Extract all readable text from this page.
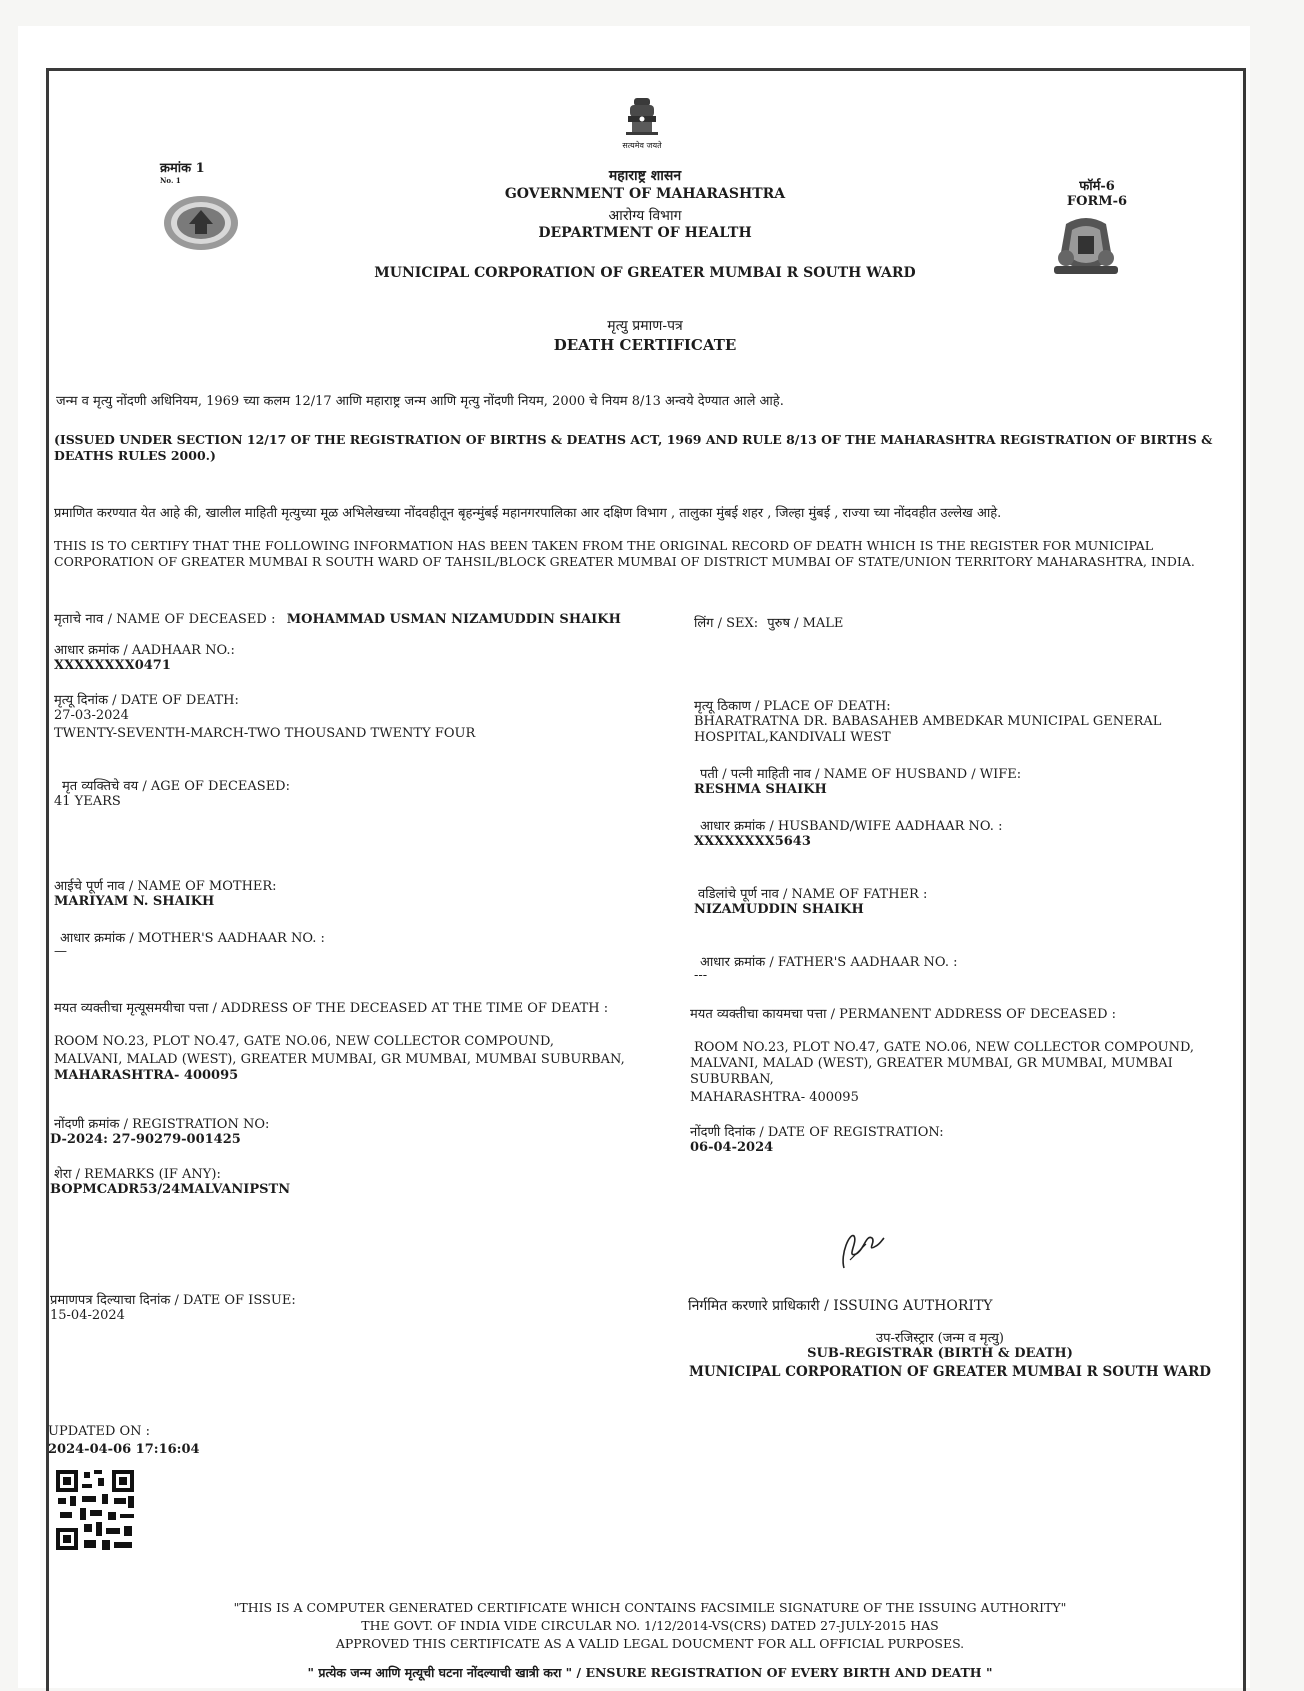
सत्यमेव जयते
क्रमांक 1
No. 1	फॉर्म-6
FORM-6
महाराष्ट्र शासन
GOVERNMENT OF MAHARASHTRA
आरोग्य विभाग
DEPARTMENT OF HEALTH
MUNICIPAL CORPORATION OF GREATER MUMBAI R SOUTH WARD
मृत्यु प्रमाण-पत्र
DEATH CERTIFICATE
जन्म व मृत्यु नोंदणी अधिनियम, 1969 च्या कलम 12/17 आणि महाराष्ट्र जन्म आणि मृत्यु नोंदणी नियम, 2000 चे नियम 8/13 अन्वये देण्यात आले आहे.
(ISSUED UNDER SECTION 12/17 OF THE REGISTRATION OF BIRTHS & DEATHS ACT, 1969 AND RULE 8/13 OF THE MAHARASHTRA REGISTRATION OF BIRTHS & DEATHS RULES 2000.)
प्रमाणित करण्यात येत आहे की, खालील माहिती मृत्युच्या मूळ अभिलेखच्या नोंदवहीतून बृहन्मुंबई महानगरपालिका आर दक्षिण विभाग , तालुका मुंबई शहर , जिल्हा मुंबई , राज्या च्या नोंदवहीत उल्लेख आहे.
THIS IS TO CERTIFY THAT THE FOLLOWING INFORMATION HAS BEEN TAKEN FROM THE ORIGINAL RECORD OF DEATH WHICH IS THE REGISTER FOR MUNICIPAL CORPORATION OF GREATER MUMBAI R SOUTH WARD OF TAHSIL/BLOCK GREATER MUMBAI OF DISTRICT MUMBAI OF STATE/UNION TERRITORY MAHARASHTRA, INDIA.
मृताचे नाव / NAME OF DECEASED : MOHAMMAD USMAN NIZAMUDDIN SHAIKH
आधार क्रमांक / AADHAAR NO.:
XXXXXXXX0471
मृत्यू दिनांक / DATE OF DEATH:
27-03-2024
TWENTY-SEVENTH-MARCH-TWO THOUSAND TWENTY FOUR
मृत व्यक्तिचे वय / AGE OF DECEASED:
41 YEARS
आईचे पूर्ण नाव / NAME OF MOTHER:
MARIYAM N. SHAIKH
आधार क्रमांक / MOTHER'S AADHAAR NO. :
—
मयत व्यक्तीचा मृत्यूसमयीचा पत्ता / ADDRESS OF THE DECEASED AT THE TIME OF DEATH :
ROOM NO.23, PLOT NO.47, GATE NO.06, NEW COLLECTOR COMPOUND,
MALVANI, MALAD (WEST), GREATER MUMBAI, GR MUMBAI, MUMBAI SUBURBAN,
MAHARASHTRA- 400095
नोंदणी क्रमांक / REGISTRATION NO:
D-2024: 27-90279-001425
शेरा / REMARKS (IF ANY):
BOPMCADR53/24MALVANIPSTN
प्रमाणपत्र दिल्याचा दिनांक / DATE OF ISSUE:
15-04-2024
UPDATED ON :
2024-04-06 17:16:04
लिंग / SEX: पुरुष / MALE
मृत्यू ठिकाण / PLACE OF DEATH:
BHARATRATNA DR. BABASAHEB AMBEDKAR MUNICIPAL GENERAL
HOSPITAL,KANDIVALI WEST
पती / पत्नी माहिती नाव / NAME OF HUSBAND / WIFE:
RESHMA SHAIKH
आधार क्रमांक / HUSBAND/WIFE AADHAAR NO. :
XXXXXXXX5643
वडिलांचे पूर्ण नाव / NAME OF FATHER :
NIZAMUDDIN SHAIKH
आधार क्रमांक / FATHER'S AADHAAR NO. :
---
मयत व्यक्तीचा कायमचा पत्ता / PERMANENT ADDRESS OF DECEASED :
ROOM NO.23, PLOT NO.47, GATE NO.06, NEW COLLECTOR COMPOUND,
MALVANI, MALAD (WEST), GREATER MUMBAI, GR MUMBAI, MUMBAI
SUBURBAN,
MAHARASHTRA- 400095
नोंदणी दिनांक / DATE OF REGISTRATION:
06-04-2024
निर्गमित करणारे प्राधिकारी / ISSUING AUTHORITY
उप-रजिस्ट्रार (जन्म व मृत्यु)
SUB-REGISTRAR (BIRTH & DEATH)
MUNICIPAL CORPORATION OF GREATER MUMBAI R SOUTH WARD
"THIS IS A COMPUTER GENERATED CERTIFICATE WHICH CONTAINS FACSIMILE SIGNATURE OF THE ISSUING AUTHORITY"
THE GOVT. OF INDIA VIDE CIRCULAR NO. 1/12/2014-VS(CRS) DATED 27-JULY-2015 HAS
APPROVED THIS CERTIFICATE AS A VALID LEGAL DOUCMENT FOR ALL OFFICIAL PURPOSES.
" प्रत्येक जन्म आणि मृत्यूची घटना नोंदल्याची खात्री करा " / ENSURE REGISTRATION OF EVERY BIRTH AND DEATH "
